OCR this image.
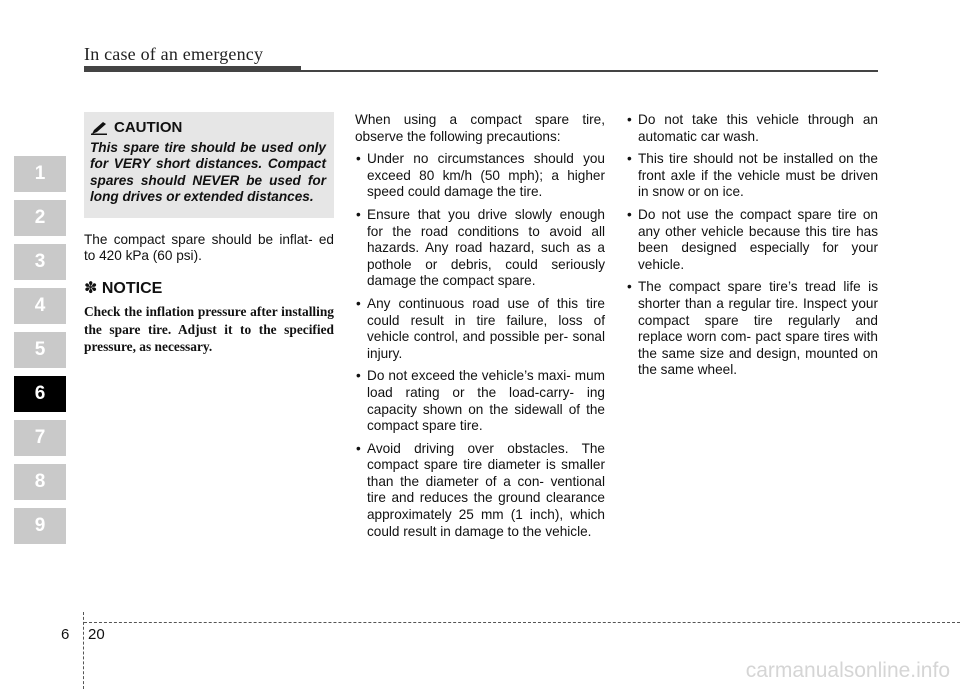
In case of an emergency
1
2
3
4
5
6
7
8
9
CAUTION
This spare tire should be used only for VERY short distances. Compact spares should NEVER be used for long drives or extended distances.

The compact spare should be inflat- ed to 420 kPa (60 psi).

✽ NOTICE
Check the inflation pressure after installing the spare tire. Adjust it to the specified pressure, as necessary.

When using a compact spare tire, observe the following precautions:

• Under no circumstances should you exceed 80 km/h (50 mph); a higher speed could damage the tire.
• Ensure that you drive slowly enough for the road conditions to avoid all hazards. Any road hazard, such as a pothole or debris, could seriously damage the compact spare.
• Any continuous road use of this tire could result in tire failure, loss of vehicle control, and possible per- sonal injury.
• Do not exceed the vehicle’s maxi- mum load rating or the load-carry- ing capacity shown on the sidewall of the compact spare tire.
• Avoid driving over obstacles. The compact spare tire diameter is smaller than the diameter of a con- ventional tire and reduces the ground clearance approximately 25 mm (1 inch), which could result in damage to the vehicle.
• Do not take this vehicle through an automatic car wash.
• This tire should not be installed on the front axle if the vehicle must be driven in snow or on ice.
• Do not use the compact spare tire on any other vehicle because this tire has been designed especially for your vehicle.
• The compact spare tire’s tread life is shorter than a regular tire. Inspect your compact spare tire regularly and replace worn com- pact spare tires with the same size and design, mounted on the same wheel.
6 20
carmanualsonline.info
